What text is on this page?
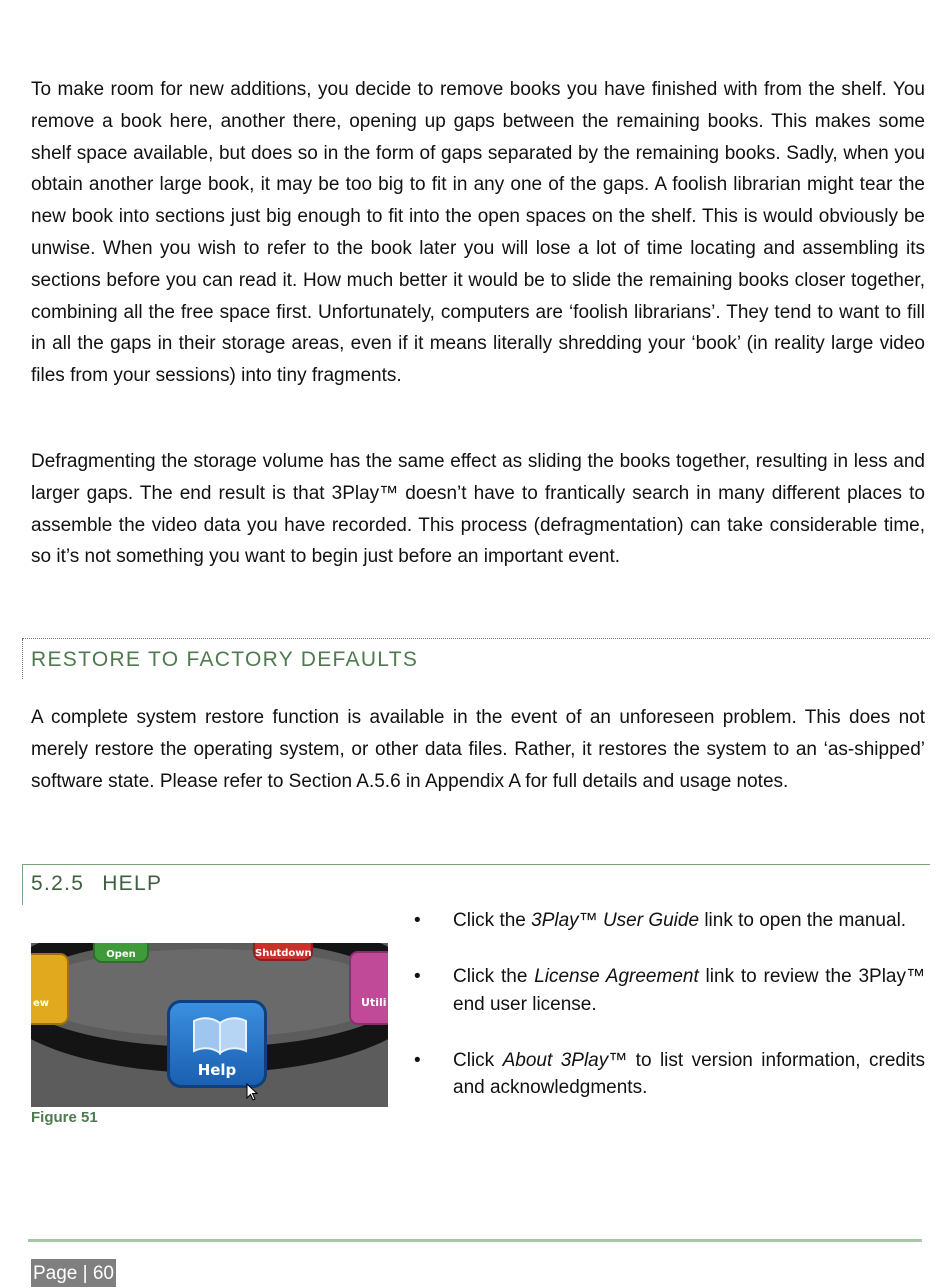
To make room for new additions, you decide to remove books you have finished with from the shelf. You remove a book here, another there, opening up gaps between the remaining books. This makes some shelf space available, but does so in the form of gaps separated by the remaining books. Sadly, when you obtain another large book, it may be too big to fit in any one of the gaps. A foolish librarian might tear the new book into sections just big enough to fit into the open spaces on the shelf. This is would obviously be unwise. When you wish to refer to the book later you will lose a lot of time locating and assembling its sections before you can read it. How much better it would be to slide the remaining books closer together, combining all the free space first. Unfortunately, computers are ‘foolish librarians’. They tend to want to fill in all the gaps in their storage areas, even if it means literally shredding your ‘book’ (in reality large video files from your sessions) into tiny fragments.

Defragmenting the storage volume has the same effect as sliding the books together, resulting in less and larger gaps. The end result is that 3Play™ doesn’t have to frantically search in many different places to assemble the video data you have recorded. This process (defragmentation) can take considerable time, so it’s not something you want to begin just before an important event.

RESTORE TO FACTORY DEFAULTS

A complete system restore function is available in the event of an unforeseen problem. This does not merely restore the operating system, or other data files. Rather, it restores the system to an ‘as-shipped’ software state. Please refer to Section A.5.6 in Appendix A for full details and usage notes.

5.2.5 HELP
Open	Shutdown
ew	Utili
Help

Figure 51

• Click the 3Play™ User Guide link to open the manual.
• Click the License Agreement link to review the 3Play™ end user license.
• Click About 3Play™ to list version information, credits and acknowledgments.
Page | 60
